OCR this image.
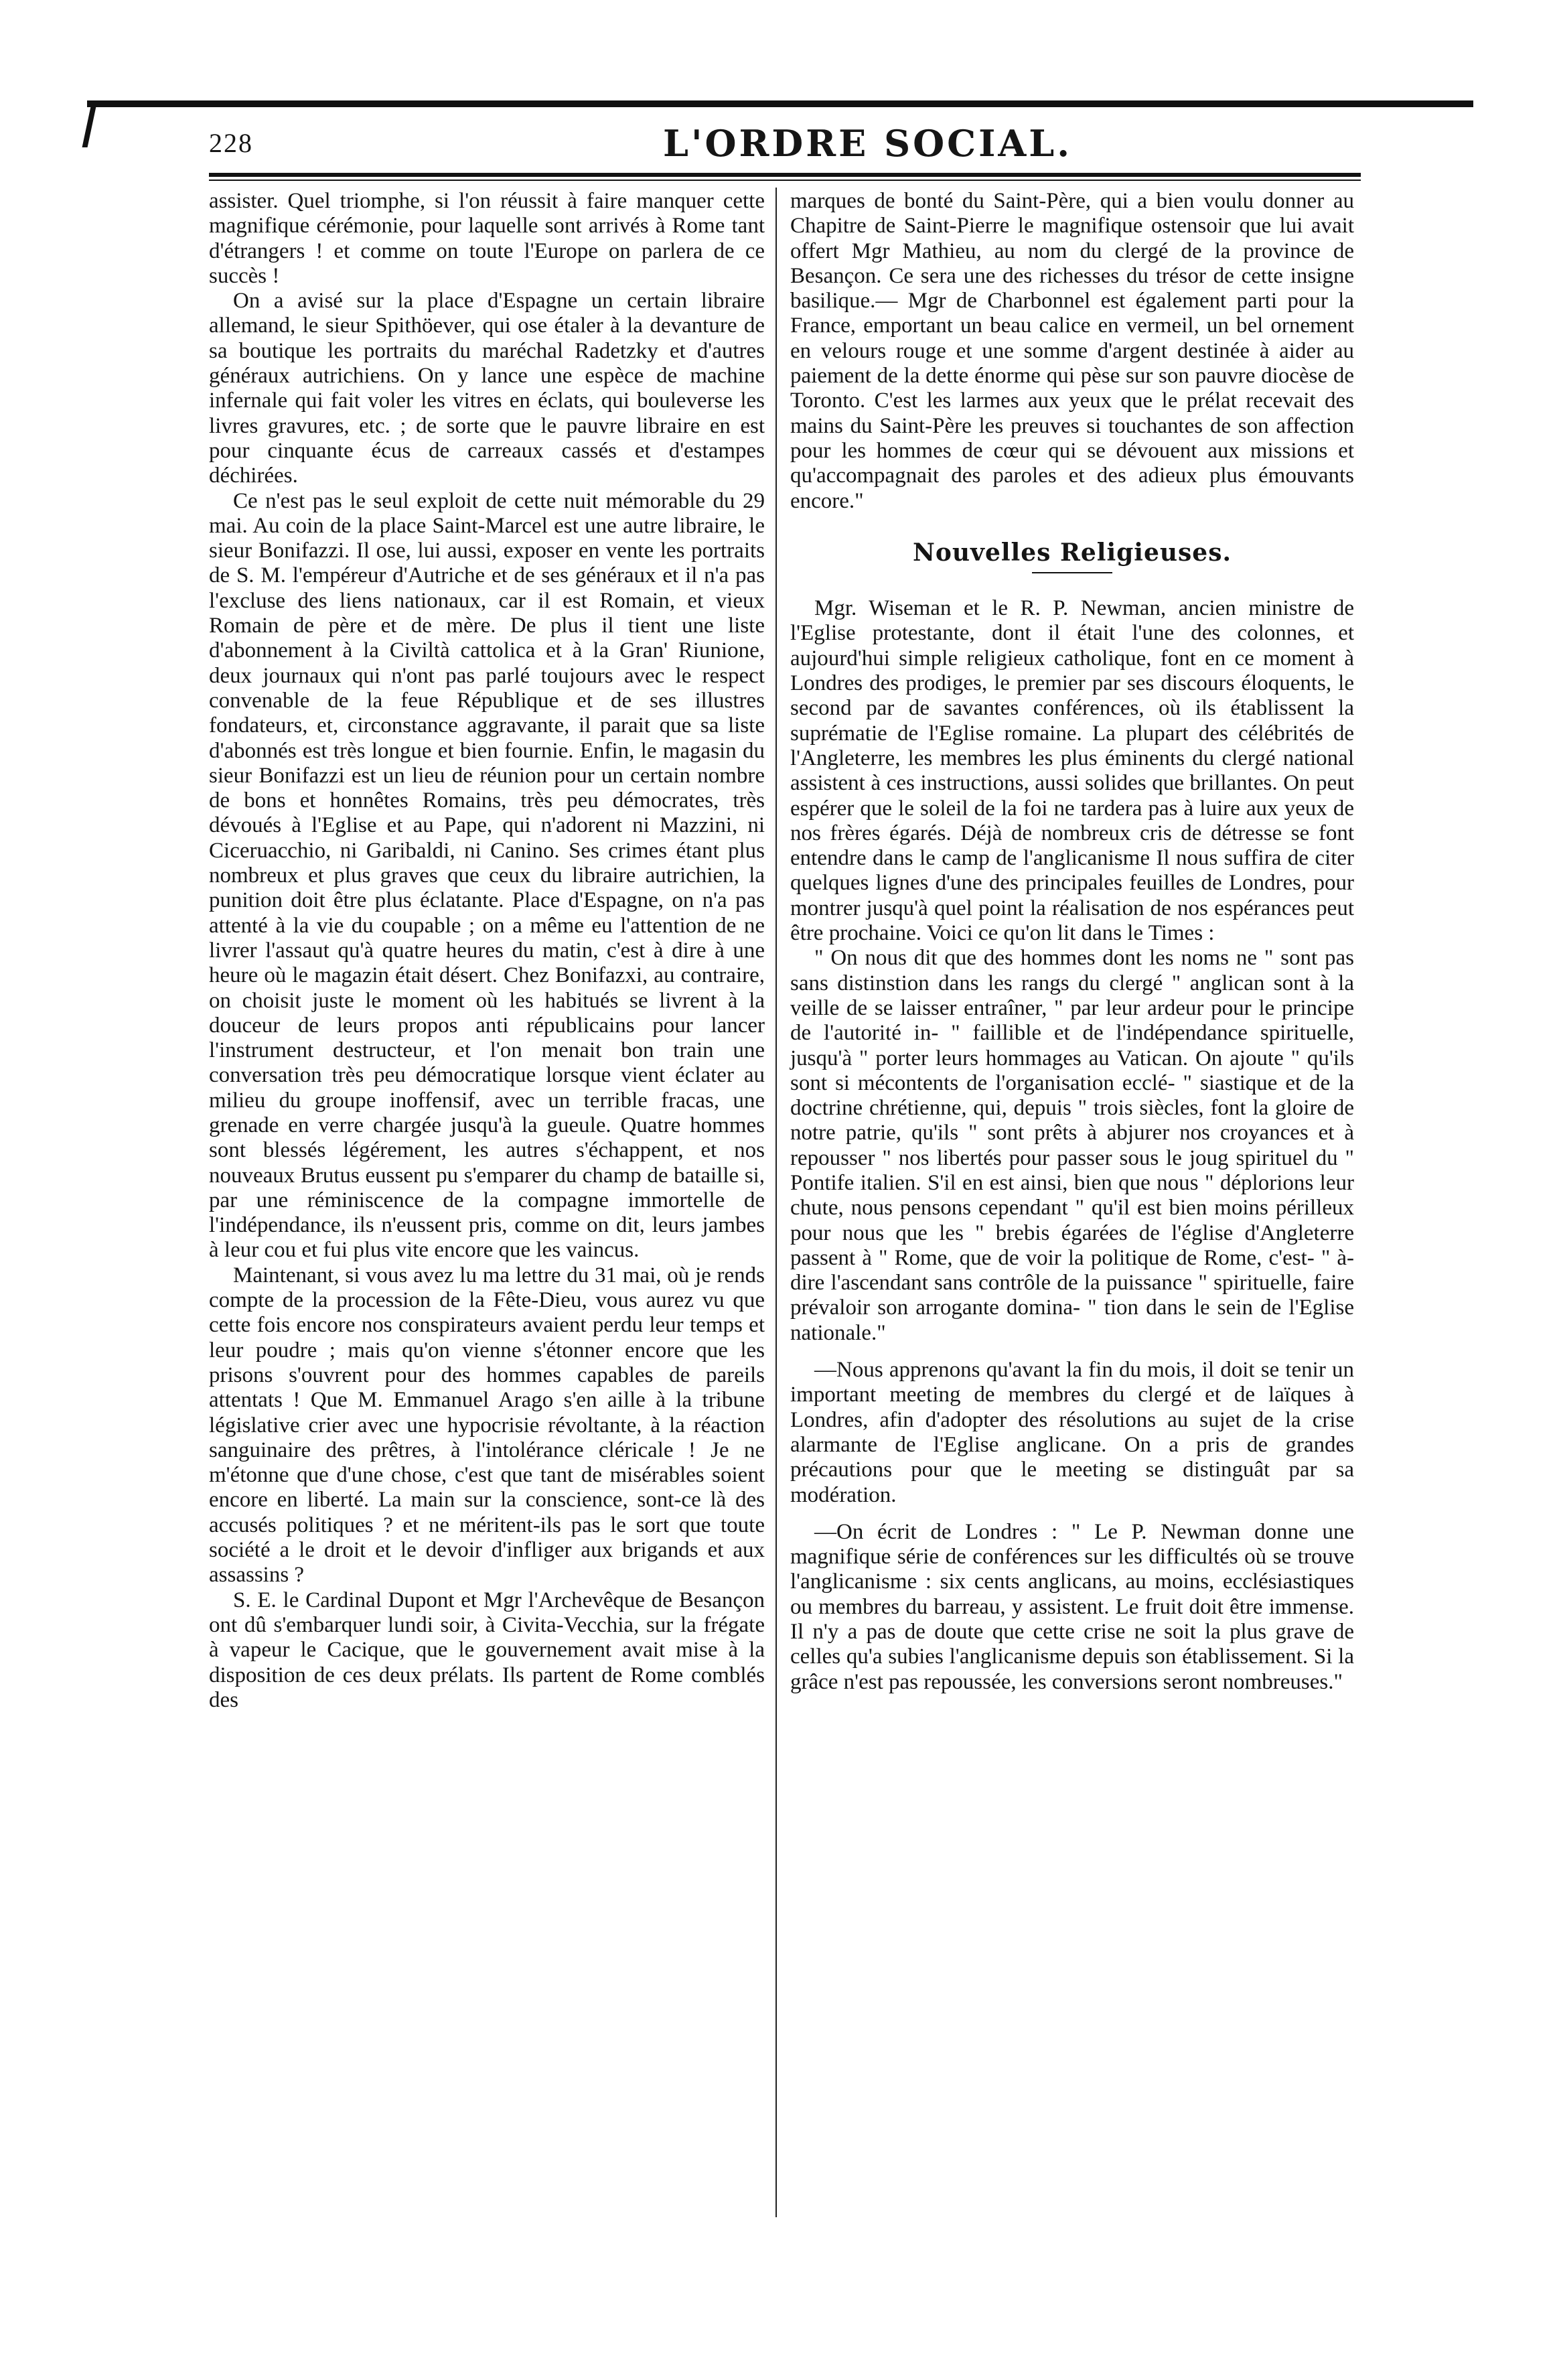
228	L'ORDRE SOCIAL.

assister. Quel triomphe, si l'on réussit à faire manquer cette magnifique cérémonie, pour laquelle sont arrivés à Rome tant d'étrangers ! et comme on toute l'Europe on parlera de ce succès !

On a avisé sur la place d'Espagne un certain libraire allemand, le sieur Spithöever, qui ose étaler à la devanture de sa boutique les portraits du maréchal Radetzky et d'autres généraux autrichiens. On y lance une espèce de machine infernale qui fait voler les vitres en éclats, qui bouleverse les livres gravures, etc. ; de sorte que le pauvre libraire en est pour cinquante écus de carreaux cassés et d'estampes déchirées.

Ce n'est pas le seul exploit de cette nuit mémorable du 29 mai. Au coin de la place Saint-Marcel est une autre libraire, le sieur Bonifazzi. Il ose, lui aussi, exposer en vente les portraits de S. M. l'empéreur d'Autriche et de ses généraux et il n'a pas l'excluse des liens nationaux, car il est Romain, et vieux Romain de père et de mère. De plus il tient une liste d'abonnement à la Civiltà cattolica et à la Gran' Riunione, deux journaux qui n'ont pas parlé toujours avec le respect convenable de la feue République et de ses illustres fondateurs, et, circonstance aggravante, il parait que sa liste d'abonnés est très longue et bien fournie. Enfin, le magasin du sieur Bonifazzi est un lieu de réunion pour un certain nombre de bons et honnêtes Romains, très peu démocrates, très dévoués à l'Eglise et au Pape, qui n'adorent ni Mazzini, ni Ciceruacchio, ni Garibaldi, ni Canino. Ses crimes étant plus nombreux et plus graves que ceux du libraire autrichien, la punition doit être plus éclatante. Place d'Espagne, on n'a pas attenté à la vie du coupable ; on a même eu l'attention de ne livrer l'assaut qu'à quatre heures du matin, c'est à dire à une heure où le magazin était désert. Chez Bonifazxi, au contraire, on choisit juste le moment où les habitués se livrent à la douceur de leurs propos anti républicains pour lancer l'instrument destructeur, et l'on menait bon train une conversation très peu démocratique lorsque vient éclater au milieu du groupe inoffensif, avec un terrible fracas, une grenade en verre chargée jusqu'à la gueule. Quatre hommes sont blessés légérement, les autres s'échappent, et nos nouveaux Brutus eussent pu s'emparer du champ de bataille si, par une réminiscence de la compagne immortelle de l'indépendance, ils n'eussent pris, comme on dit, leurs jambes à leur cou et fui plus vite encore que les vaincus.

Maintenant, si vous avez lu ma lettre du 31 mai, où je rends compte de la procession de la Fête-Dieu, vous aurez vu que cette fois encore nos conspirateurs avaient perdu leur temps et leur poudre ; mais qu'on vienne s'étonner encore que les prisons s'ouvrent pour des hommes capables de pareils attentats ! Que M. Emmanuel Arago s'en aille à la tribune législative crier avec une hypocrisie révoltante, à la réaction sanguinaire des prêtres, à l'intolérance cléricale ! Je ne m'étonne que d'une chose, c'est que tant de misérables soient encore en liberté. La main sur la conscience, sont-ce là des accusés politiques ? et ne méritent-ils pas le sort que toute société a le droit et le devoir d'infliger aux brigands et aux assassins ?

S. E. le Cardinal Dupont et Mgr l'Archevêque de Besançon ont dû s'embarquer lundi soir, à Civita-Vecchia, sur la frégate à vapeur le Cacique, que le gouvernement avait mise à la disposition de ces deux prélats. Ils partent de Rome comblés des

marques de bonté du Saint-Père, qui a bien voulu donner au Chapitre de Saint-Pierre le magnifique ostensoir que lui avait offert Mgr Mathieu, au nom du clergé de la province de Besançon. Ce sera une des richesses du trésor de cette insigne basilique.— Mgr de Charbonnel est également parti pour la France, emportant un beau calice en vermeil, un bel ornement en velours rouge et une somme d'argent destinée à aider au paiement de la dette énorme qui pèse sur son pauvre diocèse de Toronto. C'est les larmes aux yeux que le prélat recevait des mains du Saint-Père les preuves si touchantes de son affection pour les hommes de cœur qui se dévouent aux missions et qu'accompagnait des paroles et des adieux plus émouvants encore."

Nouvelles Religieuses.

Mgr. Wiseman et le R. P. Newman, ancien ministre de l'Eglise protestante, dont il était l'une des colonnes, et aujourd'hui simple religieux catholique, font en ce moment à Londres des prodiges, le premier par ses discours éloquents, le second par de savantes conférences, où ils établissent la suprématie de l'Eglise romaine. La plupart des célébrités de l'Angleterre, les membres les plus éminents du clergé national assistent à ces instructions, aussi solides que brillantes. On peut espérer que le soleil de la foi ne tardera pas à luire aux yeux de nos frères égarés. Déjà de nombreux cris de détresse se font entendre dans le camp de l'anglicanisme Il nous suffira de citer quelques lignes d'une des principales feuilles de Londres, pour montrer jusqu'à quel point la réalisation de nos espérances peut être prochaine. Voici ce qu'on lit dans le Times :

" On nous dit que des hommes dont les noms ne " sont pas sans distinstion dans les rangs du clergé " anglican sont à la veille de se laisser entraîner, " par leur ardeur pour le principe de l'autorité in- " faillible et de l'indépendance spirituelle, jusqu'à " porter leurs hommages au Vatican. On ajoute " qu'ils sont si mécontents de l'organisation ecclé- " siastique et de la doctrine chrétienne, qui, depuis " trois siècles, font la gloire de notre patrie, qu'ils " sont prêts à abjurer nos croyances et à repousser " nos libertés pour passer sous le joug spirituel du " Pontife italien. S'il en est ainsi, bien que nous " déplorions leur chute, nous pensons cependant " qu'il est bien moins périlleux pour nous que les " brebis égarées de l'église d'Angleterre passent à " Rome, que de voir la politique de Rome, c'est- " à-dire l'ascendant sans contrôle de la puissance " spirituelle, faire prévaloir son arrogante domina- " tion dans le sein de l'Eglise nationale."

—Nous apprenons qu'avant la fin du mois, il doit se tenir un important meeting de membres du clergé et de laïques à Londres, afin d'adopter des résolutions au sujet de la crise alarmante de l'Eglise anglicane. On a pris de grandes précautions pour que le meeting se distinguât par sa modération.

—On écrit de Londres : " Le P. Newman donne une magnifique série de conférences sur les difficultés où se trouve l'anglicanisme : six cents anglicans, au moins, ecclésiastiques ou membres du barreau, y assistent. Le fruit doit être immense. Il n'y a pas de doute que cette crise ne soit la plus grave de celles qu'a subies l'anglicanisme depuis son établissement. Si la grâce n'est pas repoussée, les conversions seront nombreuses."
